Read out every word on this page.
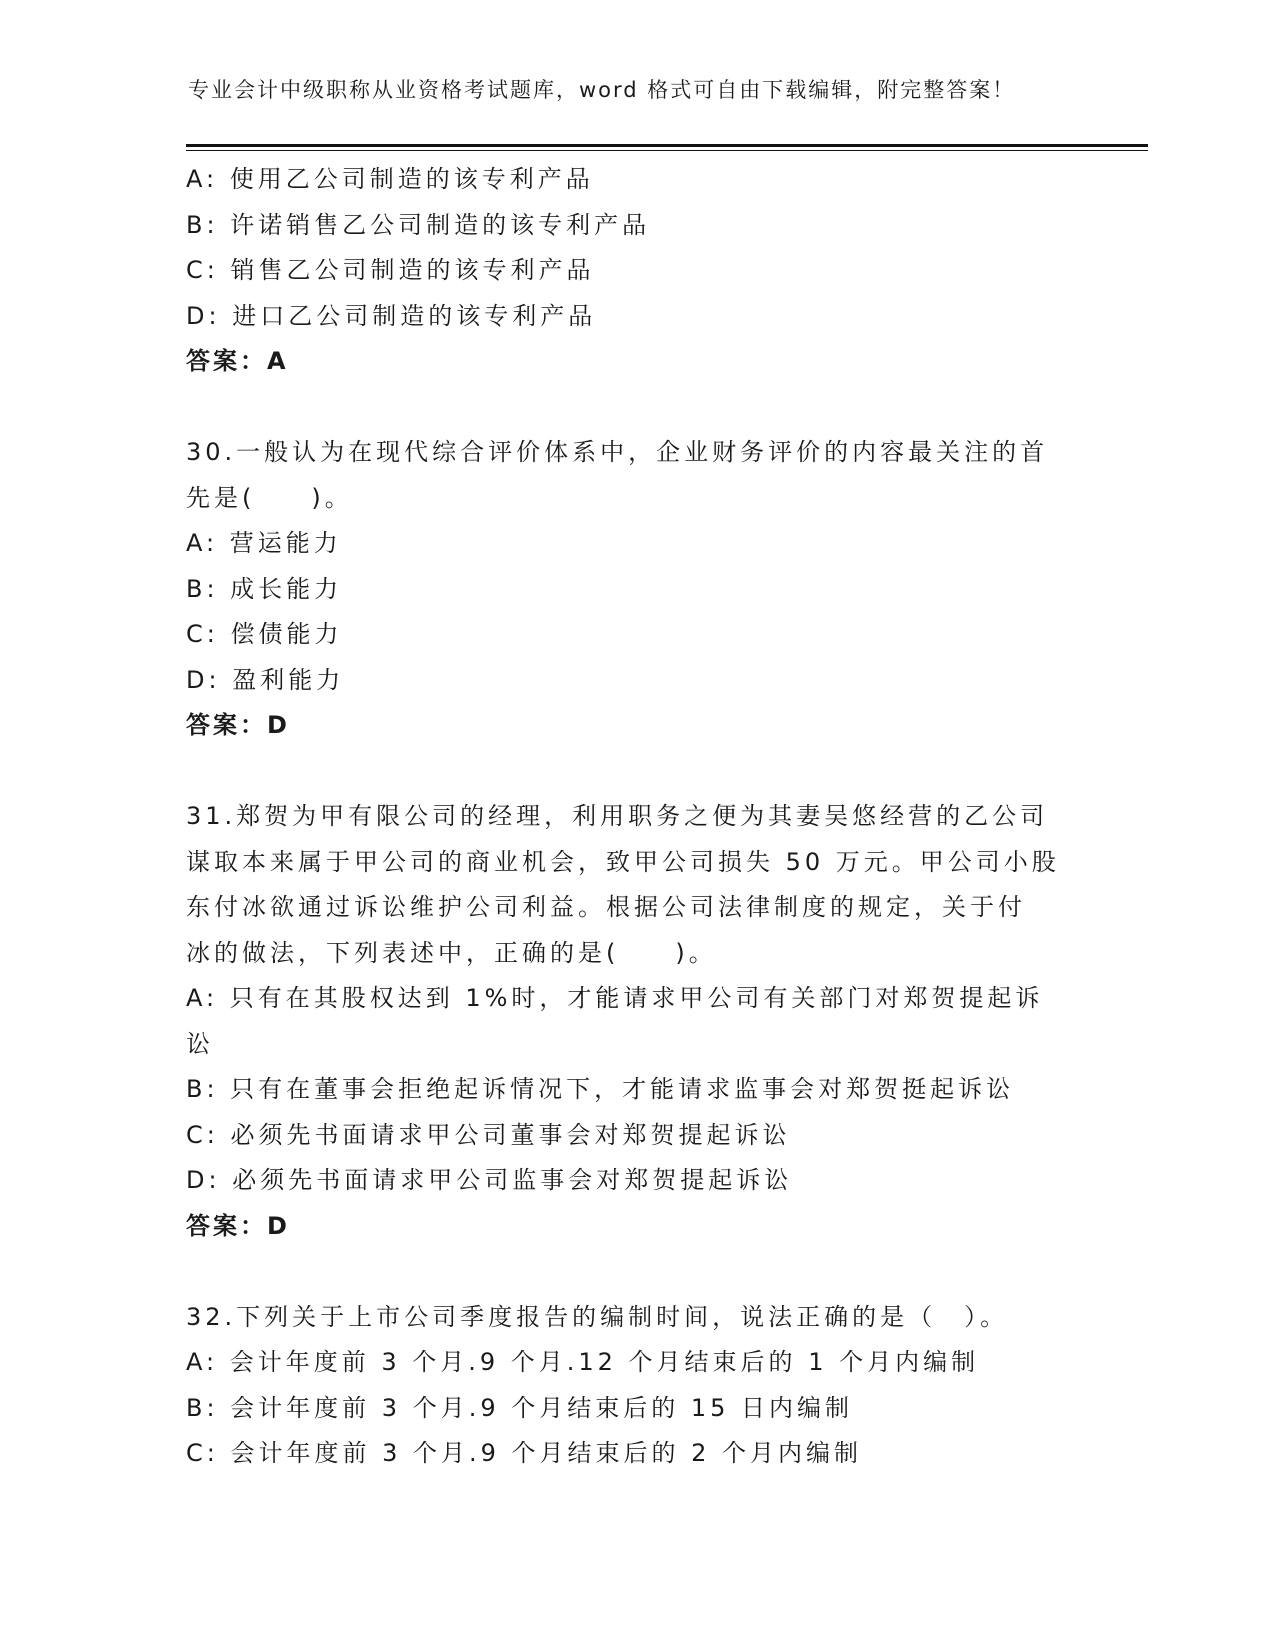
专业会计中级职称从业资格考试题库，word 格式可自由下载编辑，附完整答案！
A: 使用乙公司制造的该专利产品
B: 许诺销售乙公司制造的该专利产品
C: 销售乙公司制造的该专利产品
D: 进口乙公司制造的该专利产品
答案：A
30.一般认为在现代综合评价体系中，企业财务评价的内容最关注的首
先是(　　)。
A: 营运能力
B: 成长能力
C: 偿债能力
D: 盈利能力
答案：D
31.郑贺为甲有限公司的经理，利用职务之便为其妻吴悠经营的乙公司
谋取本来属于甲公司的商业机会，致甲公司损失 50 万元。甲公司小股
东付冰欲通过诉讼维护公司利益。根据公司法律制度的规定，关于付
冰的做法，下列表述中，正确的是(　　)。
A: 只有在其股权达到 1%时，才能请求甲公司有关部门对郑贺提起诉
讼
B: 只有在董事会拒绝起诉情况下，才能请求监事会对郑贺挺起诉讼
C: 必须先书面请求甲公司董事会对郑贺提起诉讼
D: 必须先书面请求甲公司监事会对郑贺提起诉讼
答案：D
32.下列关于上市公司季度报告的编制时间，说法正确的是（　）。
A: 会计年度前 3 个月.9 个月.12 个月结束后的 1 个月内编制
B: 会计年度前 3 个月.9 个月结束后的 15 日内编制
C: 会计年度前 3 个月.9 个月结束后的 2 个月内编制
